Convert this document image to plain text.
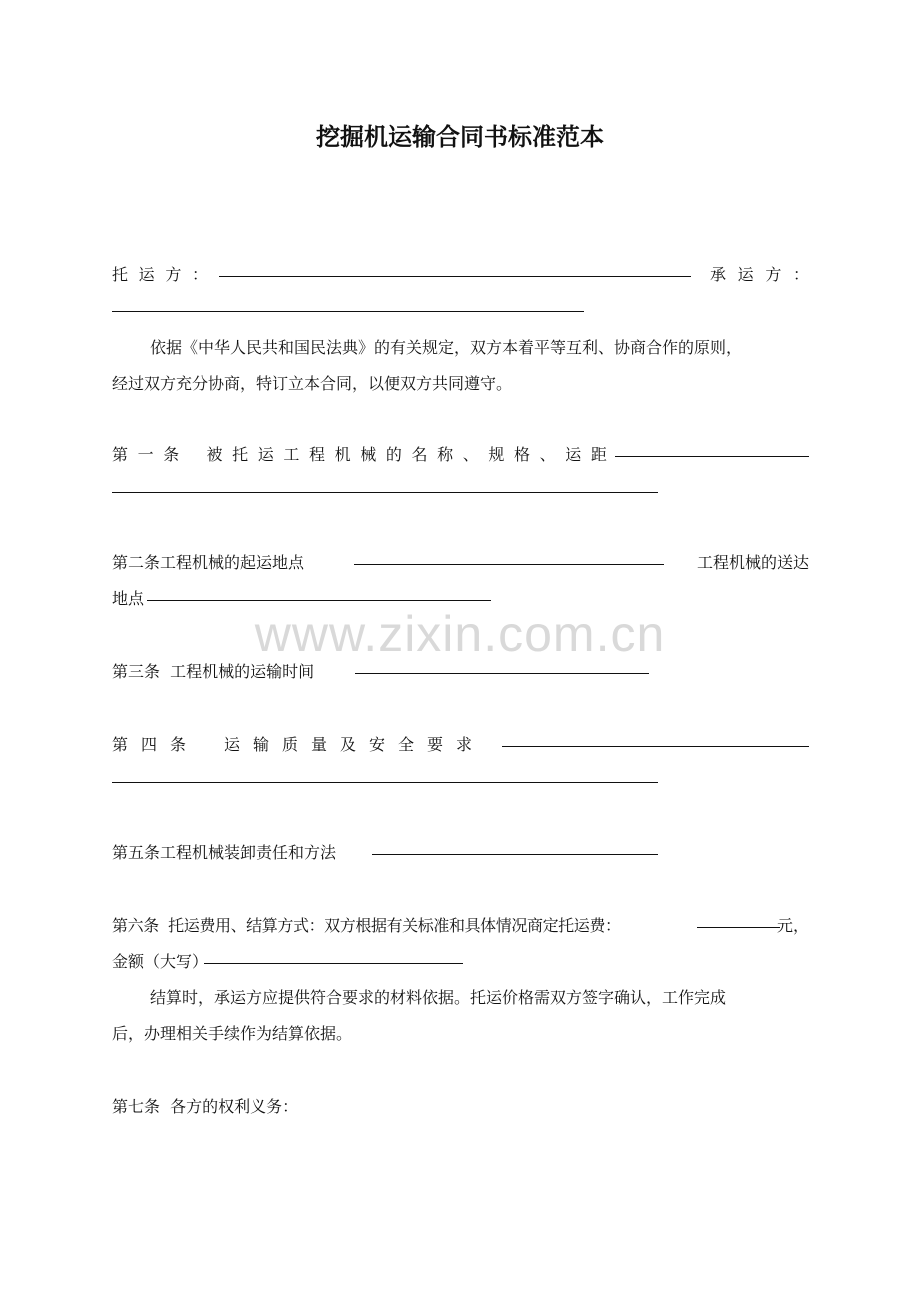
挖掘机运输合同书标准范本
托 运 方 ：	承 运 方 ：
依据《中华人民共和国民法典》的有关规定，双方本着平等互利、协商合作的原则，
经过双方充分协商，特订立本合同，以便双方共同遵守。
第 一 条 被 托 运 工 程 机 械 的 名 称 、 规 格 、 运 距
第二条工程机械的起运地点	工程机械的送达
地点
第三条  工程机械的运输时间
第 四 条 运 输 质 量 及 安 全 要 求
第五条工程机械装卸责任和方法
第六条  托运费用、结算方式：双方根据有关标准和具体情况商定托运费：	元，
金额（大写）
结算时，承运方应提供符合要求的材料依据。托运价格需双方签字确认，工作完成
后，办理相关手续作为结算依据。
第七条  各方的权利义务：
www.zixin.com.cn
